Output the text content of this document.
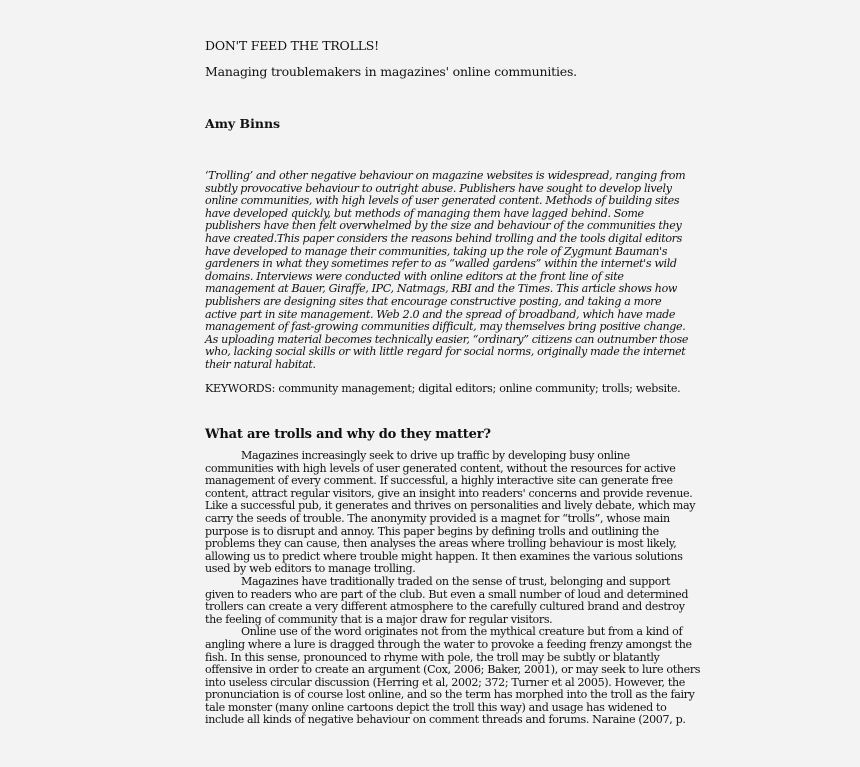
DON'T FEED THE TROLLS!
Managing troublemakers in magazines' online communities.
Amy Binns
‘Trolling’ and other negative behaviour on magazine websites is widespread, ranging from
subtly provocative behaviour to outright abuse. Publishers have sought to develop lively
online communities, with high levels of user generated content. Methods of building sites
have developed quickly, but methods of managing them have lagged behind. Some
publishers have then felt overwhelmed by the size and behaviour of the communities they
have created.This paper considers the reasons behind trolling and the tools digital editors
have developed to manage their communities, taking up the role of Zygmunt Bauman's
gardeners in what they sometimes refer to as “walled gardens” within the internet's wild
domains. Interviews were conducted with online editors at the front line of site
management at Bauer, Giraffe, IPC, Natmags, RBI and the Times. This article shows how
publishers are designing sites that encourage constructive posting, and taking a more
active part in site management. Web 2.0 and the spread of broadband, which have made
management of fast-growing communities difficult, may themselves bring positive change.
As uploading material becomes technically easier, “ordinary” citizens can outnumber those
who, lacking social skills or with little regard for social norms, originally made the internet
their natural habitat.
KEYWORDS: community management; digital editors; online community; trolls; website.
What are trolls and why do they matter?
Magazines increasingly seek to drive up traffic by developing busy online
communities with high levels of user generated content, without the resources for active
management of every comment. If successful, a highly interactive site can generate free
content, attract regular visitors, give an insight into readers' concerns and provide revenue.
Like a successful pub, it generates and thrives on personalities and lively debate, which may
carry the seeds of trouble. The anonymity provided is a magnet for “trolls”, whose main
purpose is to disrupt and annoy. This paper begins by defining trolls and outlining the
problems they can cause, then analyses the areas where trolling behaviour is most likely,
allowing us to predict where trouble might happen. It then examines the various solutions
used by web editors to manage trolling.
Magazines have traditionally traded on the sense of trust, belonging and support
given to readers who are part of the club. But even a small number of loud and determined
trollers can create a very different atmosphere to the carefully cultured brand and destroy
the feeling of community that is a major draw for regular visitors.
Online use of the word originates not from the mythical creature but from a kind of
angling where a lure is dragged through the water to provoke a feeding frenzy amongst the
fish. In this sense, pronounced to rhyme with pole, the troll may be subtly or blatantly
offensive in order to create an argument (Cox, 2006; Baker, 2001), or may seek to lure others
into useless circular discussion (Herring et al, 2002; 372; Turner et al 2005). However, the
pronunciation is of course lost online, and so the term has morphed into the troll as the fairy
tale monster (many online cartoons depict the troll this way) and usage has widened to
include all kinds of negative behaviour on comment threads and forums. Naraine (2007, p.
